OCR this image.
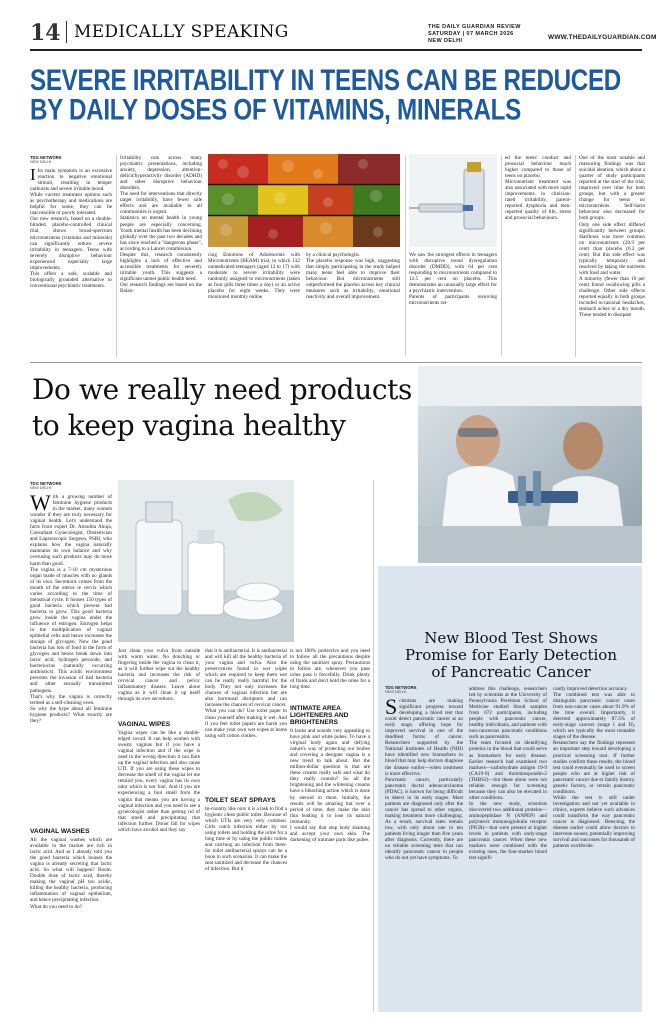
14 MEDICALLY SPEAKING	THE DAILY GUARDIAN REVIEW
SATURDAY | 07 MARCH 2026
NEW DELHI	WWW.THEDAILYGUARDIAN.COM
SEVERE IRRITABILITY IN TEENS CAN BE REDUCED BY DAILY DOSES OF VITAMINS, MINERALS
TDG NETWORK
NEW DELHI
I Its main symptom is an excessive reaction to negative emotional stimuli, resulting in temper outbursts and severe irritable mood.
While current treatment options such as psychotherapy and medications are helpful for some, they can be inaccessible or poorly tolerated.
Our new research, based on a double-blinded, placebo-controlled clinical trial, shows broad-spectrum micronutrients (vitamins and minerals) can significantly reduce severe irritability in teenagers. Teens with severely disruptive behaviour experienced especially large improvements.
This offers a safe, scalable and biologically grounded alternative to conventional psychiatric treatments.
Irritability cuts across many psychiatric presentations, including anxiety, depression, attention-deficit/hyperactivity disorder (ADHD) and other disruptive behaviour disorders.
The need for interventions that directly target irritability, have fewer side effects and are available to all communities is urgent.
Statistics on mental health in young people are especially concerning. Youth mental health has been declining globally over the past two decades and has since reached a "dangerous phase", according to a Lancet commission.
Despite this, research consistently highlights a lack of effective and accessible treatments for severely irritable youth. This suggests a significant unmet public health need.
Our research findings are based on the Balan-
cing Emotions of Adolescents with Micronutrients (BEAM) trial, in which 132 unmedicated teenagers (aged 12 to 17) with moderate to severe irritability were randomly assigned to micronutrients (taken as four pills three times a day) or an active placebo for eight weeks. They were monitored monthly online
by a clinical psychologist.
The placebo response was high, suggesting that simply participating in the study helped many teens feel able to improve their behaviour. But micronutrients still outperformed the placebo across key clinical measures such as irritability, emotional reactivity and overall improvement.
We saw the strongest effects in teenagers with disruptive mood dysregulation disorder (DMDD), with 64 per cent responding to micronutrients compared to 12.5 per cent on placebo. This demonstrates an unusually large effect for a psychiatric intervention.
Parents of participants receiving micronutrients rat-
ed the teens' conduct and prosocial behaviour much higher compared to those of teens on placebo.
Micronutrient treatment was also associated with more rapid improvements in clinician-rated irritability, parent-reported dysphoria and teen-reported quality of life, stress and prosocial behaviours.
One of the most notable and reassuring findings was that suicidal ideation, which about a quarter of study participants reported at the start of the trial, improved over time for both groups, but with a greater change for teens on micronutrients. Self-harm behaviour also decreased for both groups.
Only one side effect differed significantly between groups: diarrhoea was more common on micronutrients (20.9 per cent) than placebo (6.2 per cent). But this side effect was typically temporary and resolved by taking the nutrients with food and water.
A minority (fewer than 10 per cent) found swallowing pills a challenge. Other side effects reported equally in both groups included occasional headaches, stomach aches or a dry mouth. These tended to dissipate
Do we really need products
to keep vagina healthy
TDG NETWORK
NEW DELHI
With a growing number of feminine hygiene products in the market, many women wonder if they are truly necessary for vaginal health. Let's understand the facts from expert Dr. Amodita Ahuja, Consultant Gynecologist, Obstetrician and Laparoscopic Surgeon, PSRI, who explains how the vagina naturally maintains its own balance and why overusing such products may do more harm than good.
The vagina is a 7-10 cm mysterious organ made of muscles with no glands of its own. Secretions comes from the mouth of the uterus ie cervix which varies according to the time of menstrual cycle. It houses 150 types of good bacteria which prevent bad bacteria to grow. This good bacteria grow inside the vagina under the influence of estrogen. Estrogen helps in the multiplication of vaginal epithelial cells and hence increases the storage of glycogen. Now the good bacteria has lots of food in the form of glycogen and hence break down into lactic acid, hydrogen peroxide, and bacteriocins (naturally occurring antibiotics). This acidic environment prevents the invasion of bad bacteria and other sexually transmitted pathogens.
That's why the vagina is correctly termed as a self-cleaning oven.
So why the hype about all feminine hygiene products? What exactly are they?
VAGINAL WASHES
All the vaginal washes which are available in the market are rich in lactic acid. And as I already told you the good bacteria which houses the vagina is already secreting that lactic acid. So what will happen? Boom. Double dose of lactic acid, thereby making the vaginal pH too acidic, killing the healthy bacteria, producing inflammation of vaginal epithelium, and hence precipitating infection.
What do you need to do?
Just clean your vulva from outside with warm water. No douching or fingering inside the vagina to clean it, as it will further wipe out the healthy bacteria and increases the risk of cervical cancer and pelvic inflammatory disease. Leave alone vagina as it will clean it up itself through its own secretions.
VAGINAL WIPES
Vagina wipes can be like a double-edged sword. It can help women with sweaty vaginas but if you have a vaginal infection and if the wipe is used in the wrong direction it can flare up the vaginal infection and also cause UTI. If you are using these wipes to decrease the smell of the vagina let me remind you, every vagina has its own odor which is not foul. And if you are experiencing a foul smell from the vagina that means you are having a vaginal infection and you need to see a gynecologist rather than getting rid of that smell and precipitating that infection further. Donot fall for wipes which have alcohol and they say
that it is antibacterial. It is antibacterial and will kill all the healthy bacteria of your vagina and vulva. Also the preservatives found in wet wipes which are required to keep them wet can be really really harmful for the body. They not only increases the chances of vaginal infection but are also hormonal disruptors and can increase the chances of cervical cancer.
What you can do? Use toilet paper to clean yourself after making it wet. And if you feel toilet papers are harsh you can make your own wet wipes at home using soft cotton clothes.
TOILET SEAT SPRAYS
In-country like ours it is a task to find a hygienic clean public toilet. Because of which UTIs are very very common. Girls catch infection either by not using toilets and holding the urine for a long time or by using the public toilets and catching an infection from there. So toilet antibacterial sprays can be a boon in such scenarios. It can make the seat sanitized and decrease the chances of infection. But it
is not 100% protective and you need to follow all the precautions despite using the sanitizer spray. Precautions to follow are, whenever you pass urine pass it forcefully. Drink plenty of fluids and don't hold the urine for a long time.
INTIMATE AREA LIGHTENERS AND BRIGHTENERS
It looks and sounds very appealing to have pink and white pubes. To have a virginal body again and defying nature's way of protecting our bodies and covering a designer vagina is a new trend to talk about. But the million-dollar question is that are these creams really safe and what do they really contain? So all the brightening and the whitening creams have a bleaching action which is done by steroid in them. Initially, the results will be amazing but over a period of time, they make the skin thin leading it to lose its natural immunity.
I would say that stop body shaming and accept your own skin. The darkening of intimate parts like pubes
New Blood Test Shows Promise for Early Detection of Pancreatic Cancer
TDG NETWORK
NEW DELHI
Scientists are making significant progress toward developing a blood test that could detect pancreatic cancer at an early stage, offering hope for improved survival in one of the deadliest forms of cancer. Researchers supported by the National Institutes of Health (NIH) have identified new biomarkers in blood that may help doctors diagnose the disease earlier—when treatment is more effective.
Pancreatic cancer, particularly pancreatic ductal adenocarcinoma (PDAC), is known for being difficult to detect in its early stages. Most patients are diagnosed only after the cancer has spread to other organs, making treatment more challenging. As a result, survival rates remain low, with only about one in ten patients living longer than five years after diagnosis. Currently, there are no reliable screening tests that can identify pancreatic cancer in people who do not yet have symptoms. To
address this challenge, researchers led by scientists at the University of Pennsylvania Perelman School of Medicine studied blood samples from 672 participants, including people with pancreatic cancer, healthy individuals, and patients with non-cancerous pancreatic conditions such as pancreatitis.
The team focused on identifying proteins in the blood that could serve as biomarkers for early disease. Earlier research had examined two markers—carbohydrate antigen 19-9 (CA19-9) and thrombospondin-2 (THBS2)—but these alone were not reliable enough for screening because they can also be elevated in other conditions.
In the new study, scientists discovered two additional proteins—aminopeptidase N (ANPEP) and polymeric immunoglobulin receptor (PIGR)—that were present at higher levels in patients with early-stage pancreatic cancer. When these new markers were combined with the existing ones, the four-marker blood test signifi-
cantly improved detection accuracy.
The combined test was able to distinguish pancreatic cancer cases from non-cancer cases about 91.9% of the time overall. Importantly, it detected approximately 87.5% of early-stage cancers (stage I and II), which are typically the most treatable stages of the disease.
Researchers say the findings represent an important step toward developing a practical screening tool. If further studies confirm these results, the blood test could eventually be used to screen people who are at higher risk of pancreatic cancer due to family history, genetic factors, or certain pancreatic conditions.
While the test is still under investigation and not yet available in clinics, experts believe such advances could transform the way pancreatic cancer is diagnosed. Detecting the disease earlier could allow doctors to intervene sooner, potentially improving survival and outcomes for thousands of patients worldwide.
